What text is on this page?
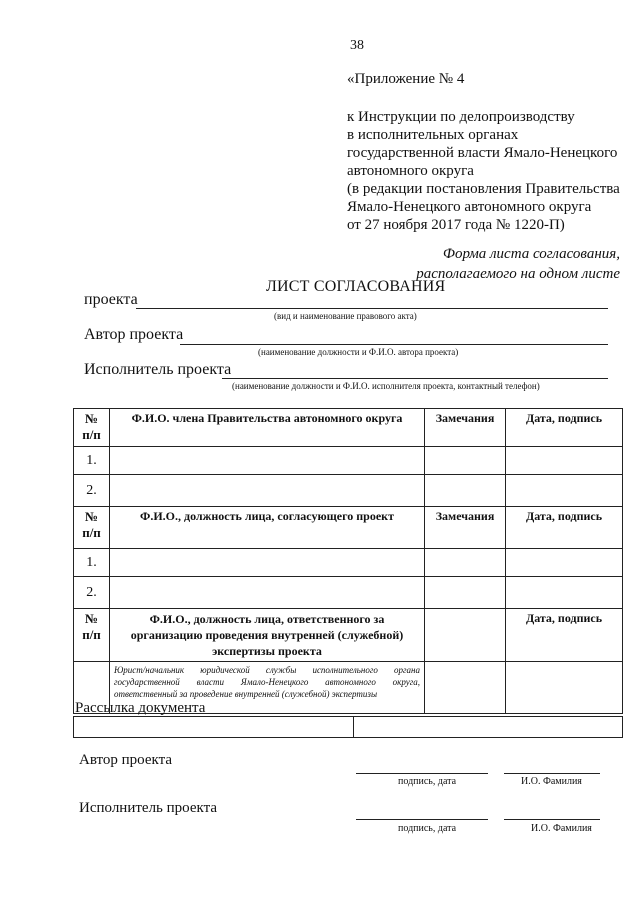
38
«Приложение № 4
к Инструкции по делопроизводству
в исполнительных органах
государственной власти Ямало-Ненецкого
автономного округа
(в редакции постановления Правительства
Ямало-Ненецкого автономного округа
от 27 ноября 2017 года № 1220-П)
Форма листа согласования,
располагаемого на одном листе
ЛИСТ СОГЛАСОВАНИЯ
проекта
(вид и наименование правового акта)
Автор проекта
(наименование должности и Ф.И.О. автора проекта)
Исполнитель проекта
(наименование должности и Ф.И.О. исполнителя проекта, контактный телефон)
№
п/п	Ф.И.О. члена Правительства автономного округа	Замечания	Дата, подпись
1.			
2.			

№
п/п	Ф.И.О., должность лица, согласующего проект	Замечания	Дата, подпись
1.			
2.			

№
п/п	Ф.И.О., должность лица, ответственного за организацию проведения внутренней (служебной) экспертизы проекта		Дата, подпись
	Юрист/начальник юридической службы исполнительного органа государственной власти Ямало-Ненецкого автономного округа, ответственный за проведение внутренней (служебной) экспертизы		
Рассылка документа

Автор проекта
подпись, дата	И.О. Фамилия
Исполнитель проекта
подпись, дата	И.О. Фамилия
